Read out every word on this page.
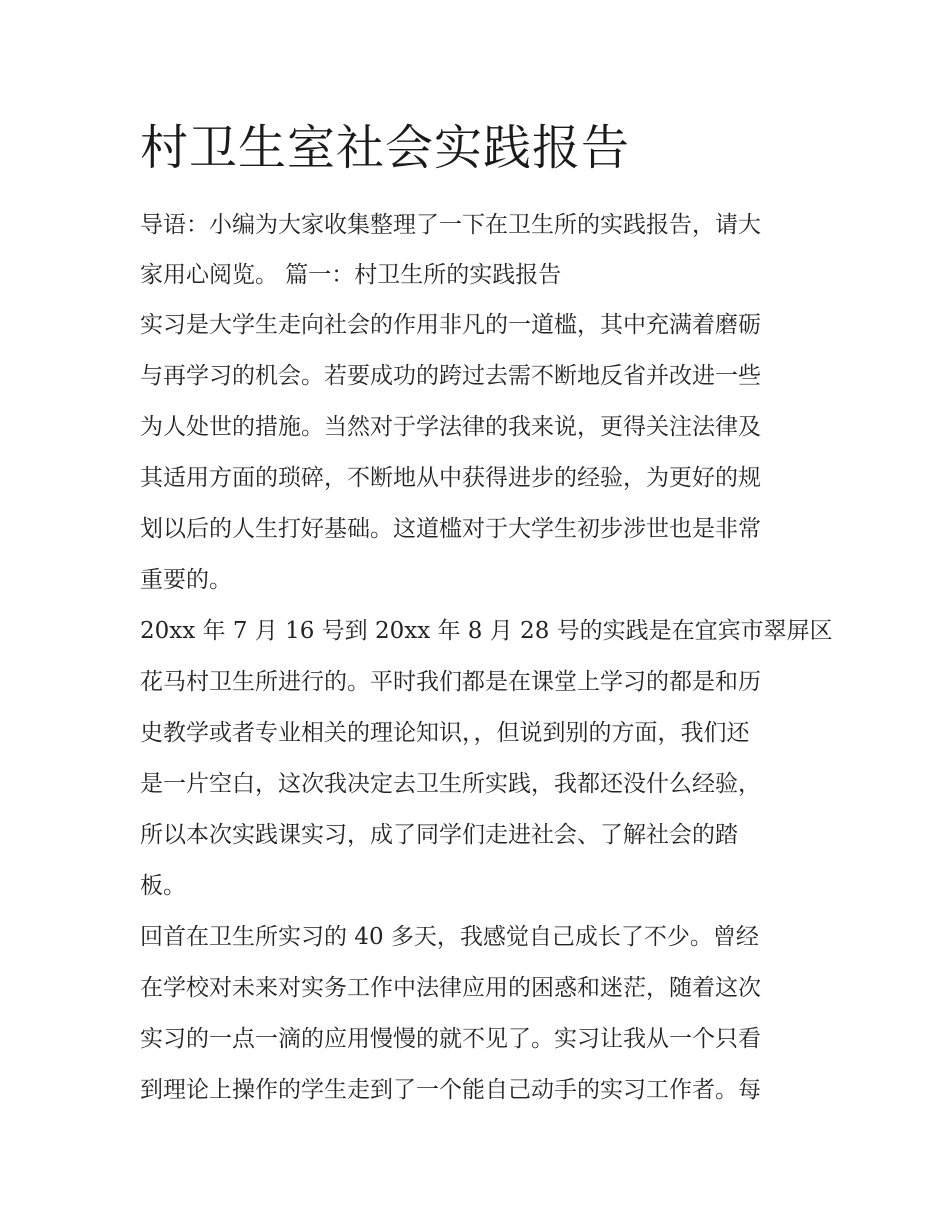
村卫生室社会实践报告
导语：小编为大家收集整理了一下在卫生所的实践报告，请大
家用心阅览。 篇一：村卫生所的实践报告

实习是大学生走向社会的作用非凡的一道槛，其中充满着磨砺
与再学习的机会。若要成功的跨过去需不断地反省并改进一些
为人处世的措施。当然对于学法律的我来说，更得关注法律及
其适用方面的琐碎，不断地从中获得进步的经验，为更好的规
划以后的人生打好基础。这道槛对于大学生初步涉世也是非常
重要的。

20xx 年 7 月 16 号到 20xx 年 8 月 28 号的实践是在宜宾市翠屏区
花马村卫生所进行的。平时我们都是在课堂上学习的都是和历
史教学或者专业相关的理论知识，，但说到别的方面，我们还
是一片空白，这次我决定去卫生所实践，我都还没什么经验，
所以本次实践课实习，成了同学们走进社会、了解社会的踏
板。

回首在卫生所实习的 40 多天，我感觉自己成长了不少。曾经
在学校对未来对实务工作中法律应用的困惑和迷茫，随着这次
实习的一点一滴的应用慢慢的就不见了。实习让我从一个只看
到理论上操作的学生走到了一个能自己动手的实习工作者。每
